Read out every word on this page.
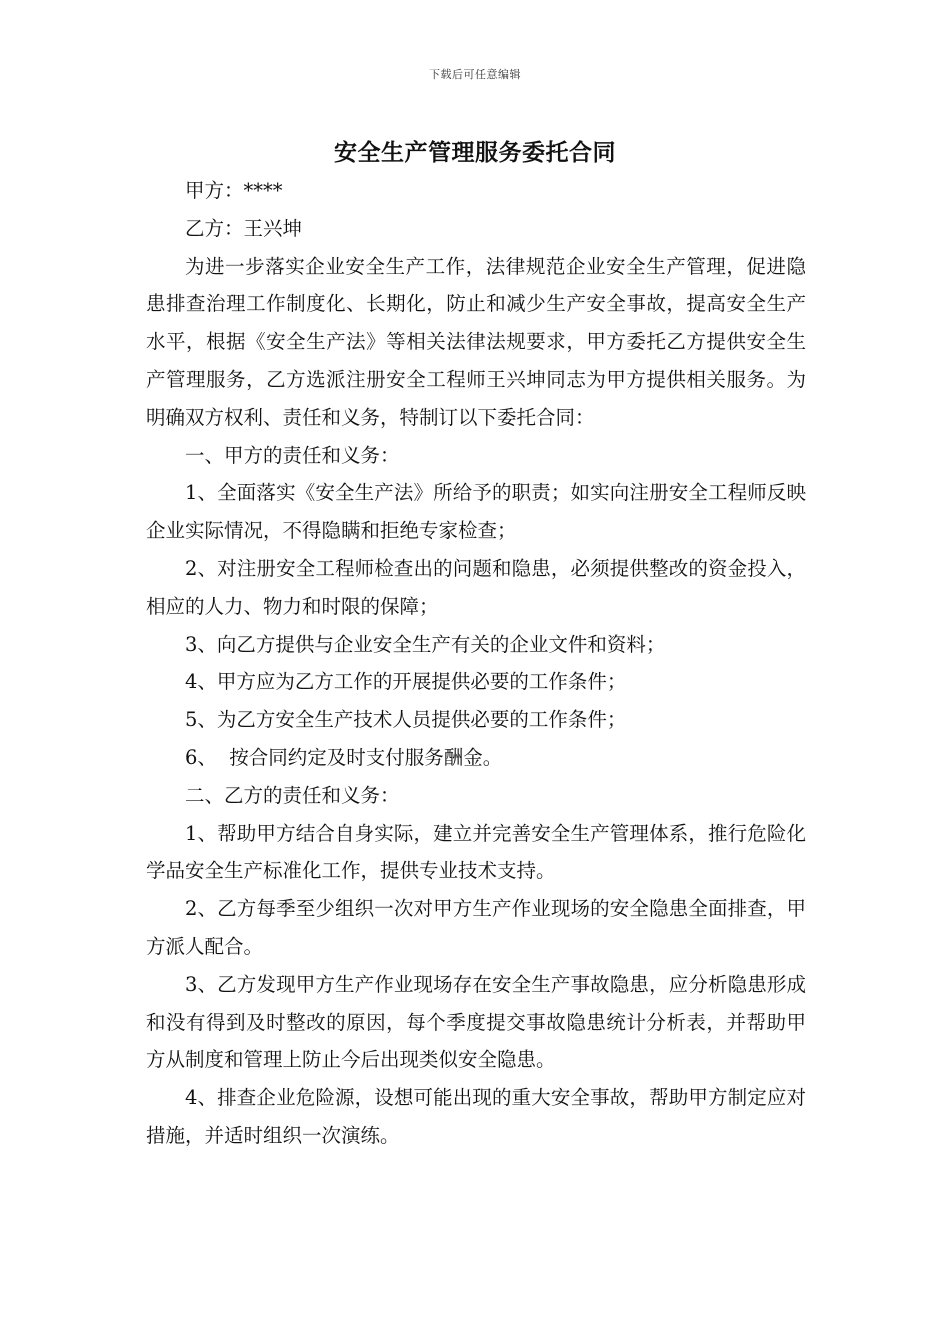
下载后可任意编辑
安全生产管理服务委托合同

甲方：****

乙方：王兴坤

为进一步落实企业安全生产工作，法律规范企业安全生产管理，促进隐患排查治理工作制度化、长期化，防止和减少生产安全事故，提高安全生产水平，根据《安全生产法》等相关法律法规要求，甲方委托乙方提供安全生产管理服务，乙方选派注册安全工程师王兴坤同志为甲方提供相关服务。为明确双方权利、责任和义务，特制订以下委托合同：

一、甲方的责任和义务：

1、全面落实《安全生产法》所给予的职责；如实向注册安全工程师反映企业实际情况，不得隐瞒和拒绝专家检查；

2、对注册安全工程师检查出的问题和隐患，必须提供整改的资金投入，相应的人力、物力和时限的保障；

3、向乙方提供与企业安全生产有关的企业文件和资料；

4、甲方应为乙方工作的开展提供必要的工作条件；

5、为乙方安全生产技术人员提供必要的工作条件；

6、  按合同约定及时支付服务酬金。

二、乙方的责任和义务：

1、帮助甲方结合自身实际，建立并完善安全生产管理体系，推行危险化学品安全生产标准化工作，提供专业技术支持。

2、乙方每季至少组织一次对甲方生产作业现场的安全隐患全面排查，甲方派人配合。

3、乙方发现甲方生产作业现场存在安全生产事故隐患，应分析隐患形成和没有得到及时整改的原因，每个季度提交事故隐患统计分析表，并帮助甲方从制度和管理上防止今后出现类似安全隐患。

4、排查企业危险源，设想可能出现的重大安全事故，帮助甲方制定应对措施，并适时组织一次演练。
